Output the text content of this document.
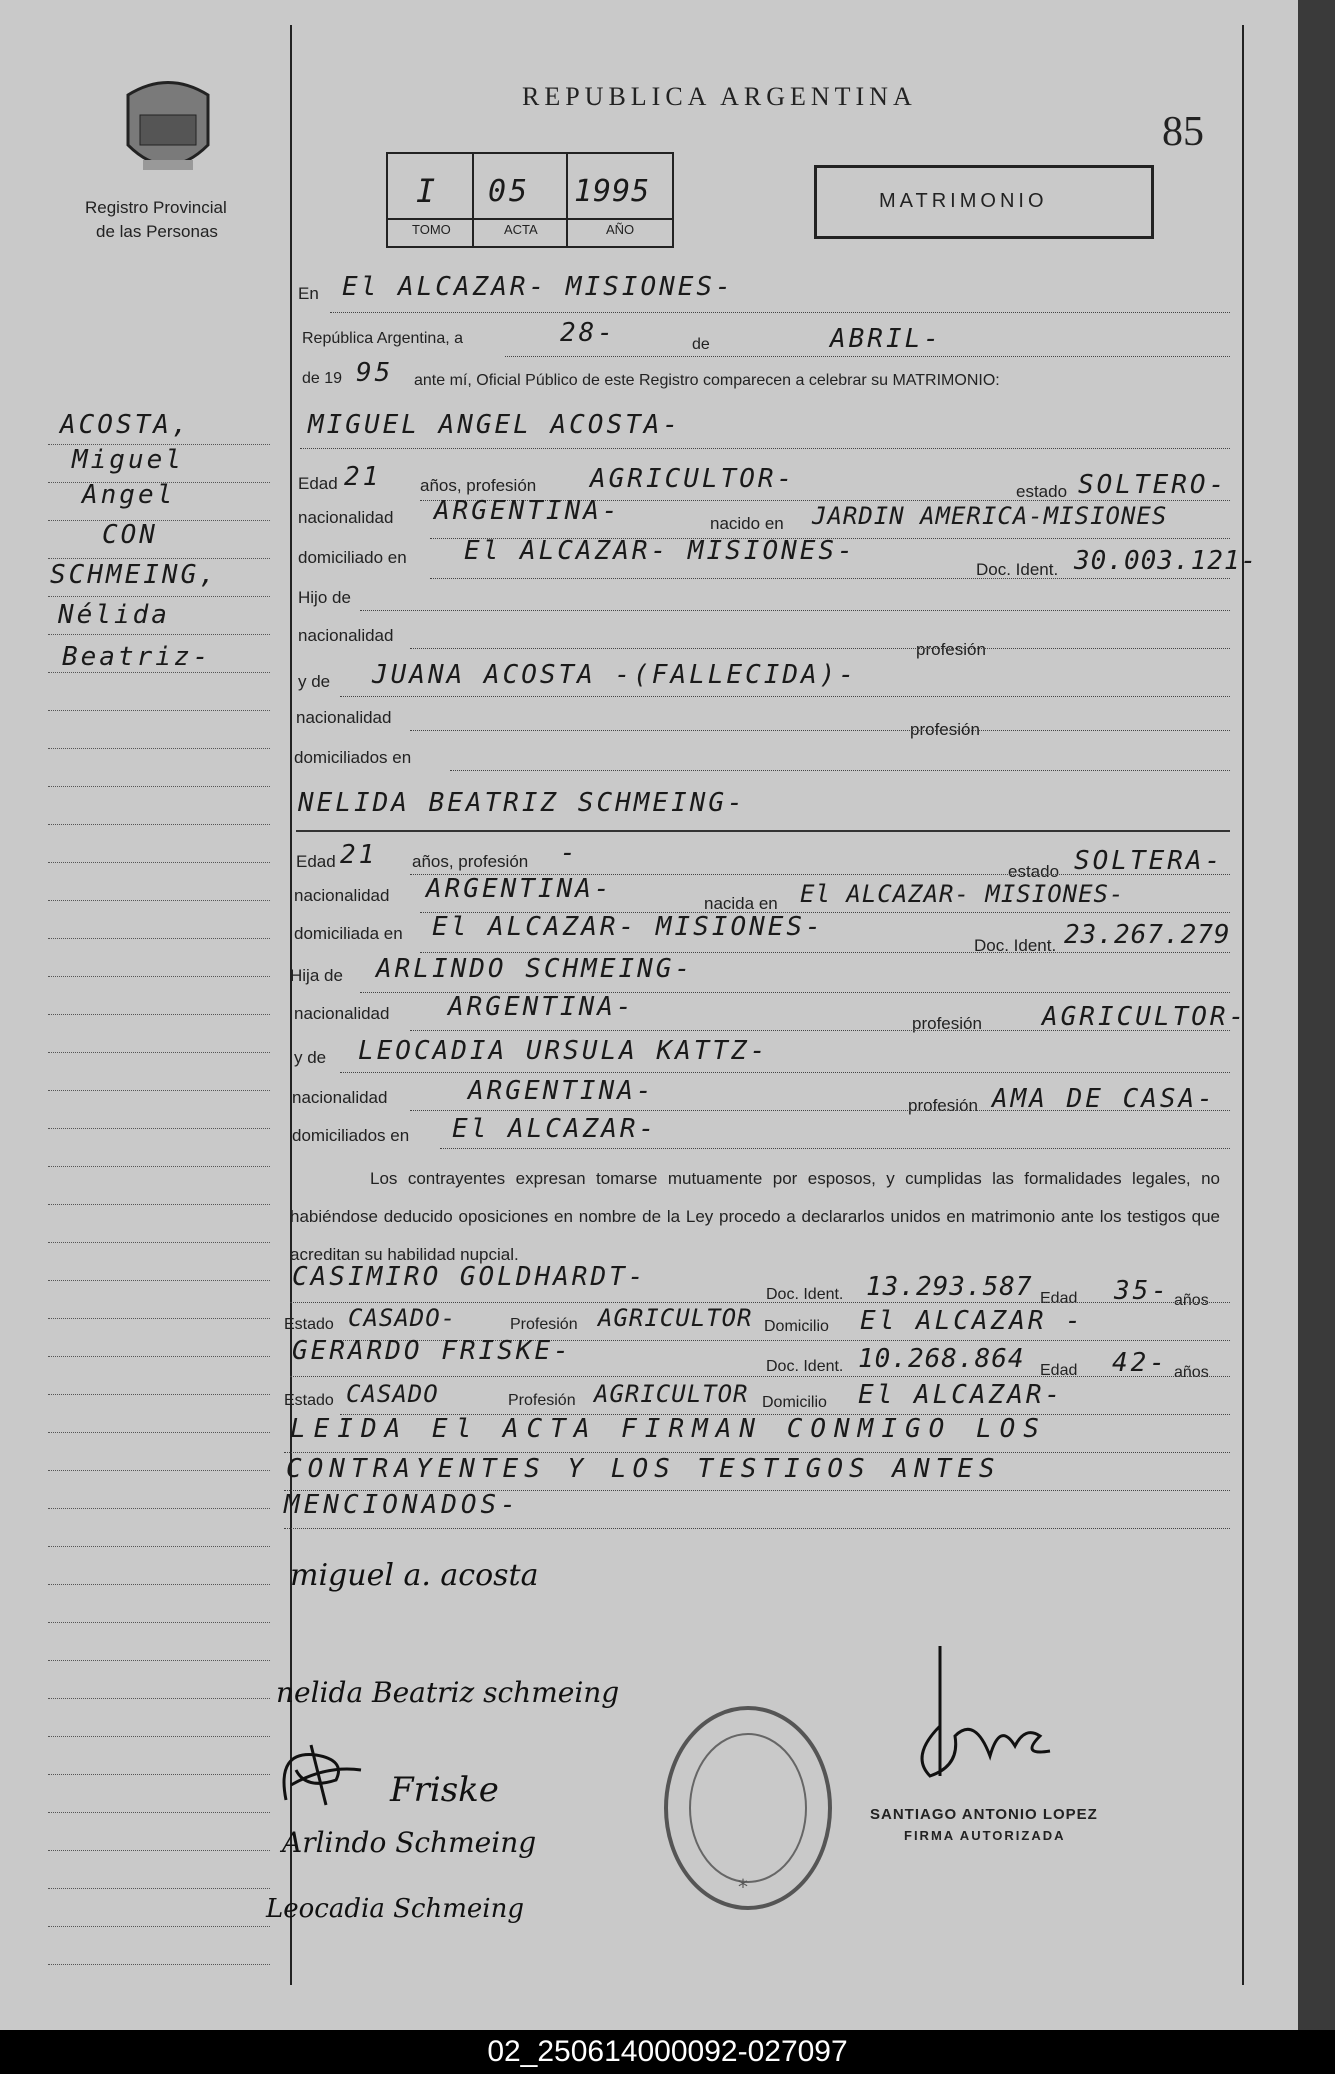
Registro Provincial
de las Personas
REPUBLICA ARGENTINA
85
I 05 1995
TOMO	ACTA	AÑO
MATRIMONIO
ACOSTA,
Miguel
Angel
CON
SCHMEING,
Nélida
Beatriz-
En El ALCAZAR- MISIONES-
República Argentina, a	28-	de	ABRIL-
de 19 95 ante mí, Oficial Público de este Registro comparecen a celebrar su MATRIMONIO:
MIGUEL ANGEL ACOSTA-
Edad 21 años, profesión AGRICULTOR-	estado SOLTERO-
nacionalidad ARGENTINA-	nacido en JARDIN AMERICA-MISIONES
domiciliado en El ALCAZAR- MISIONES-
Doc. Ident. 30.003.121-
Hijo de
nacionalidad
profesión
y de JUANA ACOSTA -(FALLECIDA)-
nacionalidad
profesión
domiciliados en
NELIDA BEATRIZ SCHMEING-
Edad 21 años, profesión -
estado SOLTERA-
nacionalidad ARGENTINA-	nacida en El ALCAZAR- MISIONES-
domiciliada en El ALCAZAR- MISIONES-
Doc. Ident. 23.267.279
Hija de ARLINDO SCHMEING-
nacionalidad ARGENTINA-
profesión AGRICULTOR-
y de LEOCADIA URSULA KATTZ-
nacionalidad	ARGENTINA-	profesión AMA DE CASA-
domiciliados en El ALCAZAR-
Los contrayentes expresan tomarse mutuamente por esposos, y cumplidas las formalidades legales, no habiéndose deducido oposiciones en nombre de la Ley procedo a declararlos unidos en matrimonio ante los testigos que acreditan su habilidad nupcial.
CASIMIRO GOLDHARDT-
Doc. Ident. 13.293.587 Edad 35- años
Estado CASADO-	Profesión AGRICULTOR Domicilio El ALCAZAR -
GERARDO FRISKE-
Doc. Ident. 10.268.864 Edad 42- años
Estado CASADO	Profesión AGRICULTOR Domicilio El ALCAZAR-
LEIDA El ACTA FIRMAN CONMIGO LOS
CONTRAYENTES Y LOS TESTIGOS ANTES
MENCIONADOS-
miguel a. acosta
nelida Beatriz schmeing
Friske
Arlindo Schmeing
Leocadia Schmeing
*
SANTIAGO ANTONIO LOPEZ
FIRMA AUTORIZADA
02_250614000092-027097
